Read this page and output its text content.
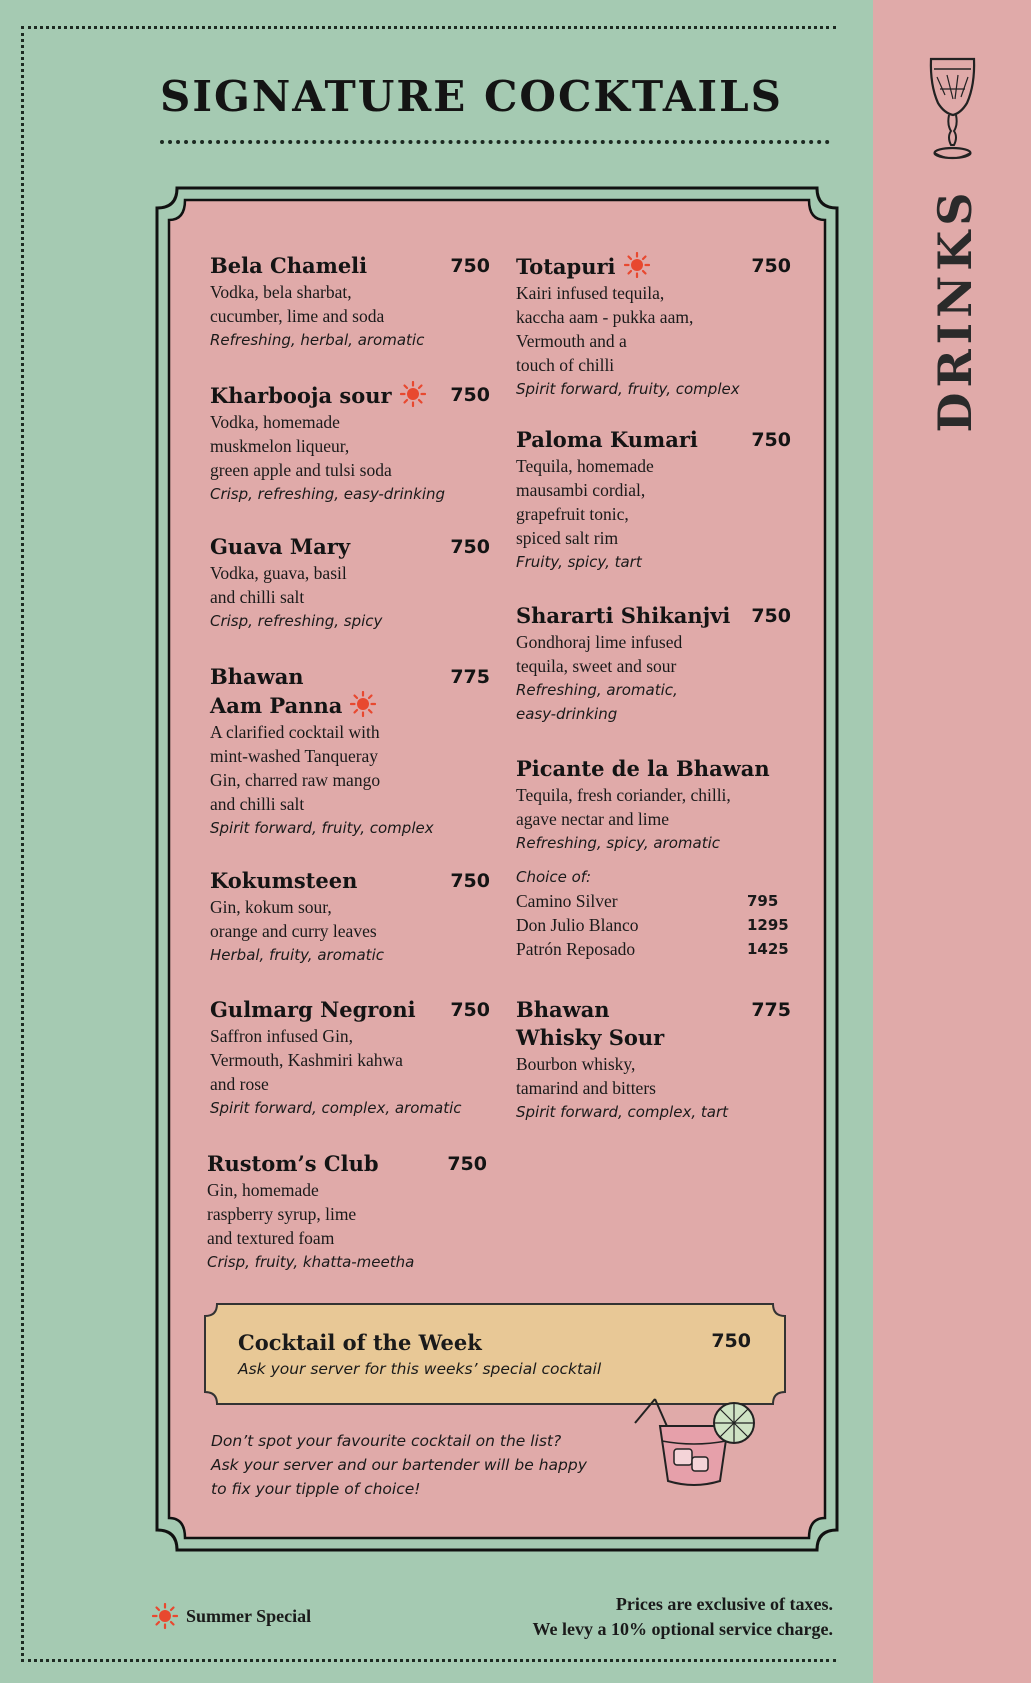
SIGNATURE COCKTAILS
DRINKS
Bela Chameli	750
Vodka, bela sharbat,
cucumber, lime and soda
Refreshing, herbal, aromatic
Kharbooja sour	750
Vodka, homemade
muskmelon liqueur,
green apple and tulsi soda
Crisp, refreshing, easy-drinking
Guava Mary	750
Vodka, guava, basil
and chilli salt
Crisp, refreshing, spicy
Bhawan
Aam Panna
775
A clarified cocktail with
mint-washed Tanqueray
Gin, charred raw mango
and chilli salt
Spirit forward, fruity, complex
Kokumsteen	750
Gin, kokum sour,
orange and curry leaves
Herbal, fruity, aromatic
Gulmarg Negroni 750
Saffron infused Gin,
Vermouth, Kashmiri kahwa
and rose
Spirit forward, complex, aromatic
Rustom’s Club	750
Gin, homemade
raspberry syrup, lime
and textured foam
Crisp, fruity, khatta-meetha
Totapuri	750
Kairi infused tequila,
kaccha aam - pukka aam,
Vermouth and a
touch of chilli
Spirit forward, fruity, complex
Paloma Kumari	750
Tequila, homemade
mausambi cordial,
grapefruit tonic,
spiced salt rim
Fruity, spicy, tart
Shararti Shikanjvi 750
Gondhoraj lime infused
tequila, sweet and sour
Refreshing, aromatic,
easy-drinking
Picante de la Bhawan
Tequila, fresh coriander, chilli,
agave nectar and lime
Refreshing, spicy, aromatic
Choice of:
Camino Silver	795
Don Julio Blanco	1295
Patrón Reposado	1425
Bhawan
Whisky Sour
775
Bourbon whisky,
tamarind and bitters
Spirit forward, complex, tart
Cocktail of the Week	750
Ask your server for this weeks’ special cocktail
Don’t spot your favourite cocktail on the list?
Ask your server and our bartender will be happy
to fix your tipple of choice!
Summer Special
Prices are exclusive of taxes.
We levy a 10% optional service charge.
